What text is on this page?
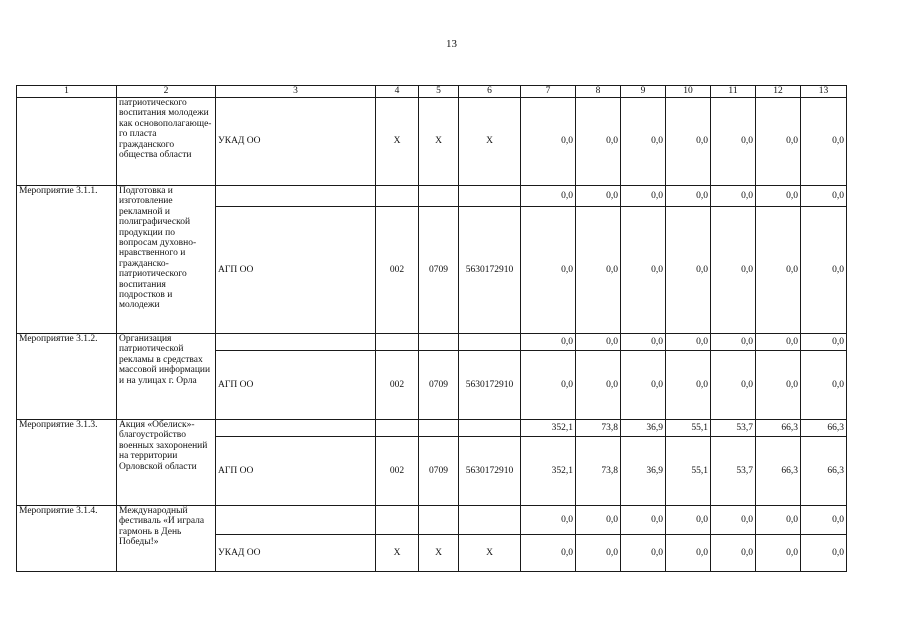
13
1	2	3	4	5	6	7	8	9	10	11	12	13
	патриотического воспитания молодежи как основополагающе-го пласта гражданского общества области	УКАД ОО	X	X	X	0,0	0,0	0,0	0,0	0,0	0,0	0,0
Мероприятие 3.1.1.	Подготовка и изготовление рекламной и полиграфической продукции по вопросам духовно-нравственного и гражданско-патриотического воспитания подростков и молодежи					0,0	0,0	0,0	0,0	0,0	0,0	0,0
		АГП ОО	002	0709	5630172910	0,0	0,0	0,0	0,0	0,0	0,0	0,0
Мероприятие 3.1.2.	Организация патриотической рекламы в средствах массовой информации и на улицах г. Орла					0,0	0,0	0,0	0,0	0,0	0,0	0,0
		АГП ОО	002	0709	5630172910	0,0	0,0	0,0	0,0	0,0	0,0	0,0
Мероприятие 3.1.3.	Акция «Обелиск»-благоустройство военных захоронений на территории Орловской области					352,1	73,8	36,9	55,1	53,7	66,3	66,3
		АГП ОО	002	0709	5630172910	352,1	73,8	36,9	55,1	53,7	66,3	66,3
Мероприятие 3.1.4.	Международный фестиваль «И играла гармонь в День Победы!»					0,0	0,0	0,0	0,0	0,0	0,0	0,0
		УКАД ОО	X	X	X	0,0	0,0	0,0	0,0	0,0	0,0	0,0
